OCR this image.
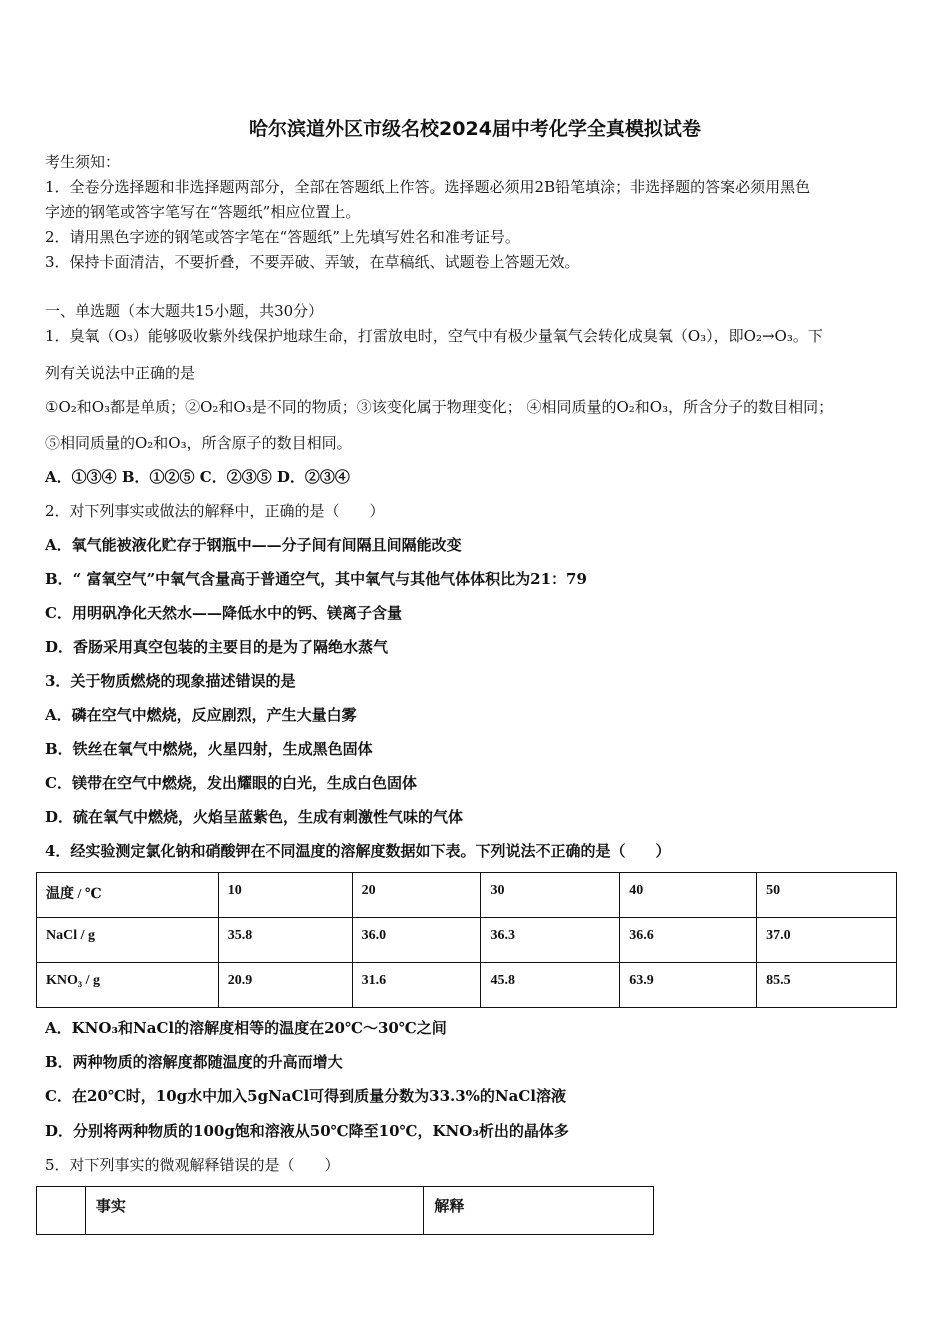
哈尔滨道外区市级名校2024届中考化学全真模拟试卷
考生须知：
1．全卷分选择题和非选择题两部分，全部在答题纸上作答。选择题必须用2B铅笔填涂；非选择题的答案必须用黑色
字迹的钢笔或答字笔写在“答题纸”相应位置上。
2．请用黑色字迹的钢笔或答字笔在“答题纸”上先填写姓名和准考证号。
3．保持卡面清洁，不要折叠，不要弄破、弄皱，在草稿纸、试题卷上答题无效。
一、单选题（本大题共15小题，共30分）
1．臭氧（O₃）能够吸收紫外线保护地球生命，打雷放电时，空气中有极少量氧气会转化成臭氧（O₃），即O₂→O₃。下
列有关说法中正确的是
①O₂和O₃都是单质；②O₂和O₃是不同的物质；③该变化属于物理变化； ④相同质量的O₂和O₃，所含分子的数目相同；
⑤相同质量的O₂和O₃，所含原子的数目相同。
A．①③④ B．①②⑤ C．②③⑤ D．②③④
2．对下列事实或做法的解释中，正确的是（　　）
A．氧气能被液化贮存于钢瓶中——分子间有间隔且间隔能改变
B．“ 富氧空气”中氧气含量高于普通空气，其中氧气与其他气体体积比为21：79
C．用明矾净化天然水——降低水中的钙、镁离子含量
D．香肠采用真空包装的主要目的是为了隔绝水蒸气
3．关于物质燃烧的现象描述错误的是
A．磷在空气中燃烧，反应剧烈，产生大量白雾
B．铁丝在氧气中燃烧，火星四射，生成黑色固体
C．镁带在空气中燃烧，发出耀眼的白光，生成白色固体
D．硫在氧气中燃烧，火焰呈蓝紫色，生成有刺激性气味的气体
4．经实验测定氯化钠和硝酸钾在不同温度的溶解度数据如下表。下列说法不正确的是（　　）
温度 / ℃	10	20	30	40	50
NaCl / g	35.8	36.0	36.3	36.6	37.0
KNO₃ / g	20.9	31.6	45.8	63.9	85.5
A．KNO₃和NaCl的溶解度相等的温度在20℃～30℃之间
B．两种物质的溶解度都随温度的升高而增大
C．在20℃时，10g水中加入5gNaCl可得到质量分数为33.3%的NaCl溶液
D．分别将两种物质的100g饱和溶液从50℃降至10℃，KNO₃析出的晶体多
5．对下列事实的微观解释错误的是（　　）
	事实	解释
